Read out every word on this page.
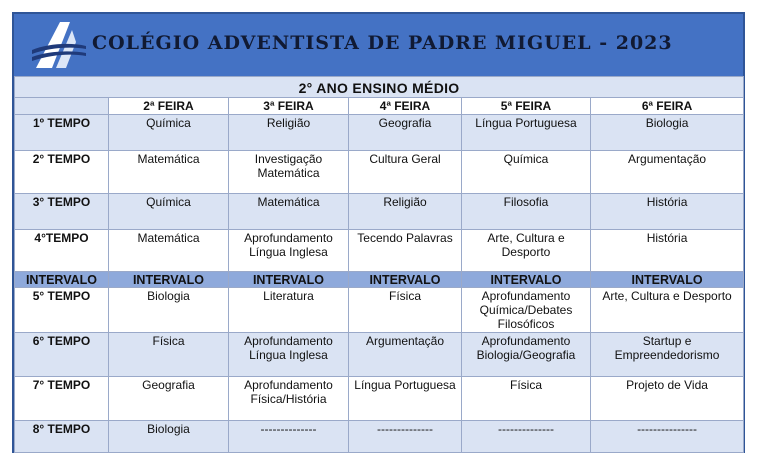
COLÉGIO ADVENTISTA DE PADRE MIGUEL - 2023
2° ANO ENSINO MÉDIO					
	2ª FEIRA	3ª FEIRA	4ª FEIRA	5ª FEIRA	6ª FEIRA
1º TEMPO	Química	Religião	Geografia	Língua Portuguesa	Biologia
2° TEMPO	Matemática	Investigação Matemática	Cultura Geral	Química	Argumentação
3° TEMPO	Química	Matemática	Religião	Filosofia	História
4°TEMPO	Matemática	Aprofundamento Língua Inglesa	Tecendo Palavras	Arte, Cultura e Desporto	História
INTERVALO	INTERVALO	INTERVALO	INTERVALO	INTERVALO	INTERVALO
5° TEMPO	Biologia	Literatura	Física	Aprofundamento Química/Debates Filosóficos	Arte, Cultura e Desporto
6° TEMPO	Física	Aprofundamento Língua Inglesa	Argumentação	Aprofundamento Biologia/Geografia	Startup e Empreendedorismo
7° TEMPO	Geografia	Aprofundamento Física/História	Língua Portuguesa	Física	Projeto de Vida
8° TEMPO	Biologia	--------------	--------------	--------------	---------------
